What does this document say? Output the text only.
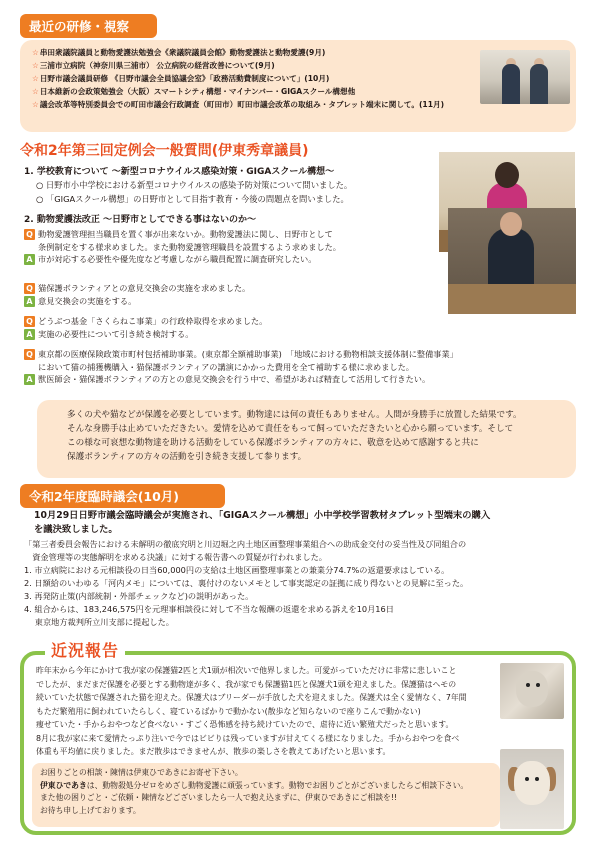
最近の研修・視察
☆串田衆議院議員と動物愛護法勉強会《衆議院議員会館》動物愛護法と動物愛護(9月)
☆三浦市立病院（神奈川県三浦市） 公立病院の経営改善について(9月)
☆日野市議会議員研修 《日野市議会全員協議会室》「政務活動費制度について」(10月)
☆日本維新の会政策勉強会（大阪）スマートシティ構想・マイナンバー・GIGAスクール構想他
☆議会改革等特別委員会での町田市議会行政調査（町田市）町田市議会改革の取組み・タブレット端末に関して。(11月)
令和2年第三回定例会一般質問(伊東秀章議員)
1. 学校教育について ～新型コロナウイルス感染対策・GIGAスクール構想～
○ 日野市小中学校における新型コロナウイルスの感染予防対策について問いました。
○ 「GIGAスクール構想」の日野市として目指す教育・今後の問題点を問いました。
2. 動物愛護法改正 ～日野市としてできる事はないのか～
Q 動物愛護管理担当職員を置く事が出来ないか。動物愛護法に関し、日野市として
条例制定をする様求めました。また動物愛護管理職員を設置するよう求めました。
A 市が対応する必要性や優先度など考慮しながら職員配置に調査研究したい。
Q 猫保護ボランティアとの意見交換会の実施を求めました。
A 意見交換会の実施をする。
Q どうぶつ基金「さくらねこ事業」の行政枠取得を求めました。
A 実施の必要性について引き続き検討する。
Q 東京都の医療保険政策市町村包括補助事業。(東京都全額補助事業)　「地域における動物相談支援体制に整備事業」
において猫の捕獲機購入・猫保護ボランティアの講演にかかった費用を全て補助する様に求めました。
A 獣医師会・猫保護ボランティアの方との意見交換会を行う中で、希望があれば精査して活用して行きたい。
多くの犬や猫などが保護を必要としています。動物達には何の責任もありません。人間が身勝手に放置した結果です。
そんな身勝手は止めていただきたい。愛情を込めて責任をもって飼っていただきたいと心から願っています。そして
この様な可哀想な動物達を助ける活動をしている保護ボランティアの方々に、敬意を込めて感謝すると共に
保護ボランティアの方々の活動を引き続き支援して参ります。
令和2年度臨時議会(10月)
10月29日日野市議会臨時議会が実施され、「GIGAスクール構想」小中学校学習教材タブレット型端末の購入
を議決致しました。
「第三者委員会報告における未解明の徹底究明と川辺堀之内土地区画整理事業組合への助成金交付の妥当性及び同組合の
　資金管理等の実態解明を求める決議」に対する報告書への質疑が行われました。
1. 市立病院における元相談役の日当60,000円の支給は土地区画整理事業との兼業分74.7%の返還要求はしている。
2. 日額給のいわゆる「河内メモ」については、裏付けのないメモとして事実認定の証拠に成り得ないとの見解に至った。
3. 再発防止策(内部統制・外部チェックなど)の説明があった。
4. 組合からは、183,246,575円を元理事相談役に対して不当な報酬の返還を求める訴えを10月16日
　 東京地方裁判所立川支部に提起した。
近況報告
昨年末から今年にかけて我が家の保護猫2匹と犬1頭が相次いで他界しました。可愛がっていただけに非常に悲しいこと
でしたが、まだまだ保護を必要とする動物達が多く、我が家でも保護猫1匹と保護犬1頭を迎えました。保護猫はヘモの
続いていた状態で保護された猫を迎えた。保護犬はブリーダーが手放した犬を迎えました。保護犬は全く愛情なく、7年間
もただ繁殖用に飼われていたらしく、寝ているばかりで動かない(散歩など知らないので座りこんで動かない)
痩せていた・手からおやつなど食べない・すごく恐怖感を持ち続けていたので、虐待に近い繁殖犬だったと思います。
8月に我が家に来て愛情たっぷり注いで今ではビビりは残っていますが甘えてくる様になりました。手からおやつを食べ
体重も平均値に戻りました。まだ散歩はできませんが、散歩の楽しさを教えてあげたいと思います。
お困りごとの相談・陳情は伊東ひであきにお寄せ下さい。
伊東ひであきは、動物殺処分ゼロをめざし動物愛護に頑張っています。動物でお困りごとがございましたらご相談下さい。
また他の困りごと・ご依頼・陳情などございましたら一人で抱え込まずに、伊東ひであきにご相談を!!
お待ち申し上げております。
